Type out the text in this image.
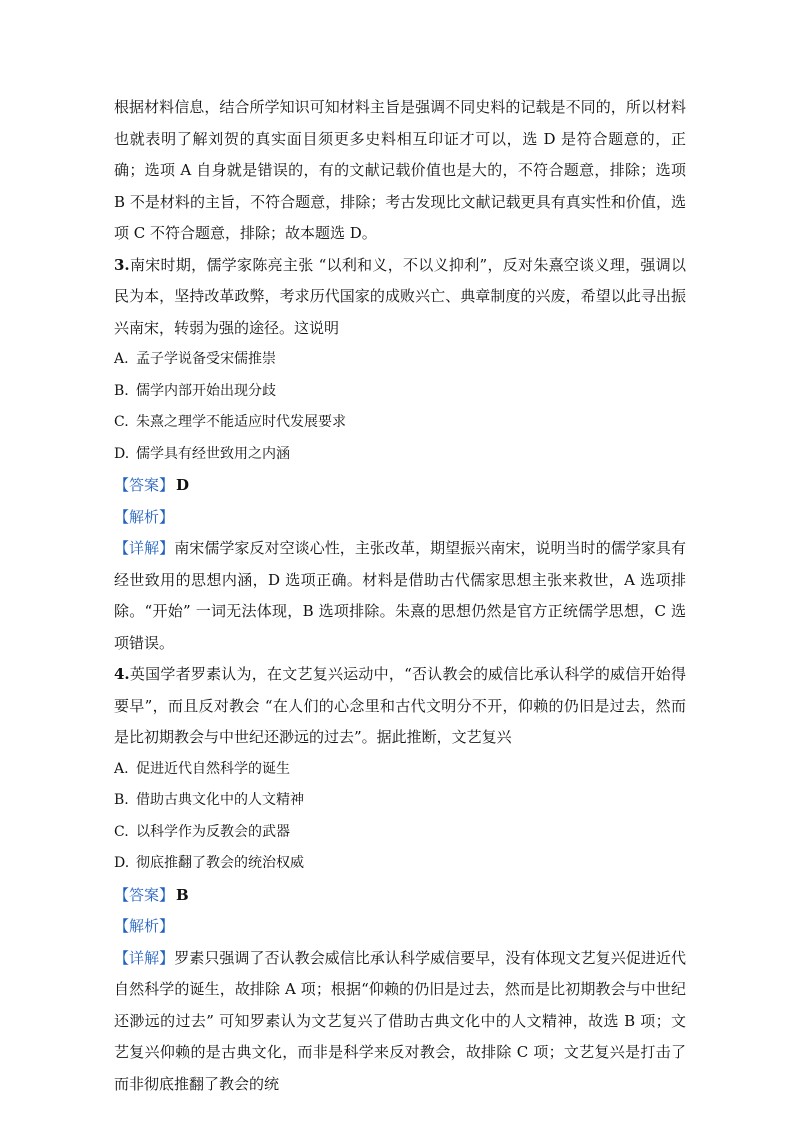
根据材料信息，结合所学知识可知材料主旨是强调不同史料的记载是不同的，所以材料也就表明了解刘贺的真实面目须更多史料相互印证才可以，选 D 是符合题意的，正确；选项 A 自身就是错误的，有的文献记载价值也是大的，不符合题意，排除；选项 B 不是材料的主旨，不符合题意，排除；考古发现比文献记载更具有真实性和价值，选项 C 不符合题意，排除；故本题选 D。

3.南宋时期，儒学家陈亮主张 “以利和义，不以义抑利”，反对朱熹空谈义理，强调以民为本，坚持改革政弊，考求历代国家的成败兴亡、典章制度的兴废，希望以此寻出振兴南宋，转弱为强的途径。这说明

A. 孟子学说备受宋儒推崇

B. 儒学内部开始出现分歧

C. 朱熹之理学不能适应时代发展要求

D. 儒学具有经世致用之内涵

【答案】 D

【解析】

【详解】南宋儒学家反对空谈心性，主张改革，期望振兴南宋，说明当时的儒学家具有经世致用的思想内涵，D 选项正确。材料是借助古代儒家思想主张来救世，A 选项排除。“开始” 一词无法体现，B 选项排除。朱熹的思想仍然是官方正统儒学思想，C 选项错误。

4.英国学者罗素认为，在文艺复兴运动中，“否认教会的威信比承认科学的威信开始得要早”，而且反对教会 “在人们的心念里和古代文明分不开，仰赖的仍旧是过去，然而是比初期教会与中世纪还渺远的过去”。据此推断，文艺复兴

A. 促进近代自然科学的诞生

B. 借助古典文化中的人文精神

C. 以科学作为反教会的武器

D. 彻底推翻了教会的统治权威

【答案】 B

【解析】

【详解】罗素只强调了否认教会威信比承认科学威信要早，没有体现文艺复兴促进近代自然科学的诞生，故排除 A 项；根据“仰赖的仍旧是过去，然而是比初期教会与中世纪还渺远的过去” 可知罗素认为文艺复兴了借助古典文化中的人文精神，故选 B 项；文艺复兴仰赖的是古典文化，而非是科学来反对教会，故排除 C 项；文艺复兴是打击了而非彻底推翻了教会的统
